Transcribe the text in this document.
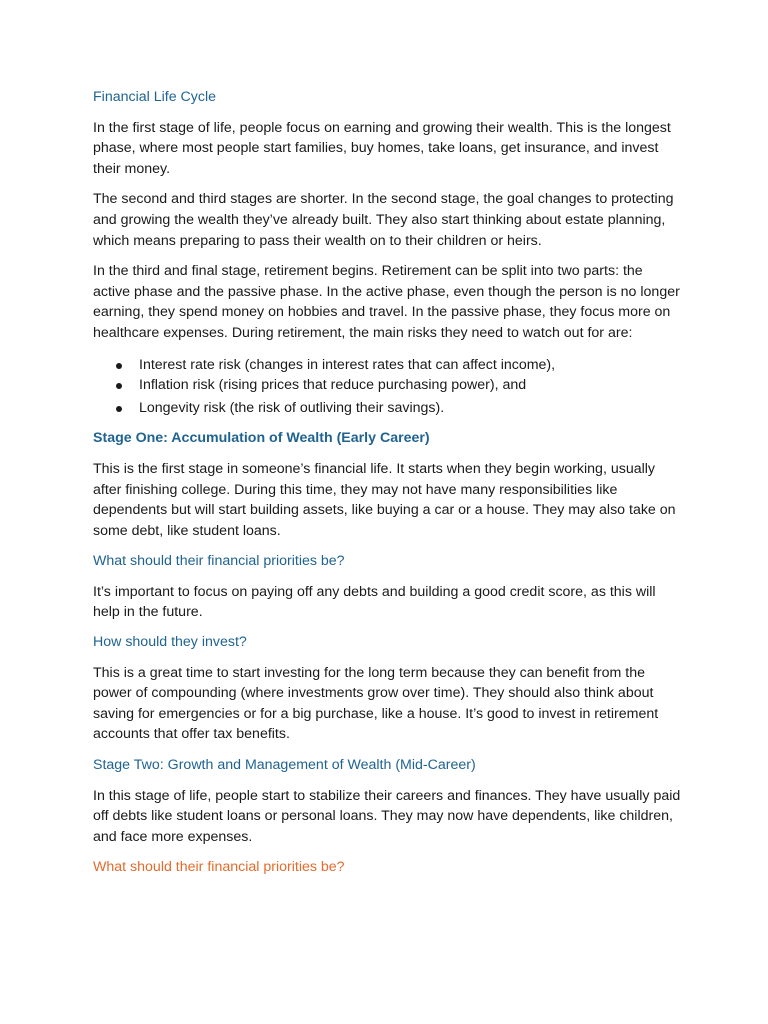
Financial Life Cycle

In the first stage of life, people focus on earning and growing their wealth. This is the longest phase, where most people start families, buy homes, take loans, get insurance, and invest their money.

The second and third stages are shorter. In the second stage, the goal changes to protecting and growing the wealth they’ve already built. They also start thinking about estate planning, which means preparing to pass their wealth on to their children or heirs.

In the third and final stage, retirement begins. Retirement can be split into two parts: the active phase and the passive phase. In the active phase, even though the person is no longer earning, they spend money on hobbies and travel. In the passive phase, they focus more on healthcare expenses. During retirement, the main risks they need to watch out for are:

Interest rate risk (changes in interest rates that can affect income),
Inflation risk (rising prices that reduce purchasing power), and
Longevity risk (the risk of outliving their savings).

Stage One: Accumulation of Wealth (Early Career)

This is the first stage in someone’s financial life. It starts when they begin working, usually after finishing college. During this time, they may not have many responsibilities like dependents but will start building assets, like buying a car or a house. They may also take on some debt, like student loans.

What should their financial priorities be?

It’s important to focus on paying off any debts and building a good credit score, as this will help in the future.

How should they invest?

This is a great time to start investing for the long term because they can benefit from the power of compounding (where investments grow over time). They should also think about saving for emergencies or for a big purchase, like a house. It’s good to invest in retirement accounts that offer tax benefits.

Stage Two: Growth and Management of Wealth (Mid-Career)

In this stage of life, people start to stabilize their careers and finances. They have usually paid off debts like student loans or personal loans. They may now have dependents, like children, and face more expenses.

What should their financial priorities be?
